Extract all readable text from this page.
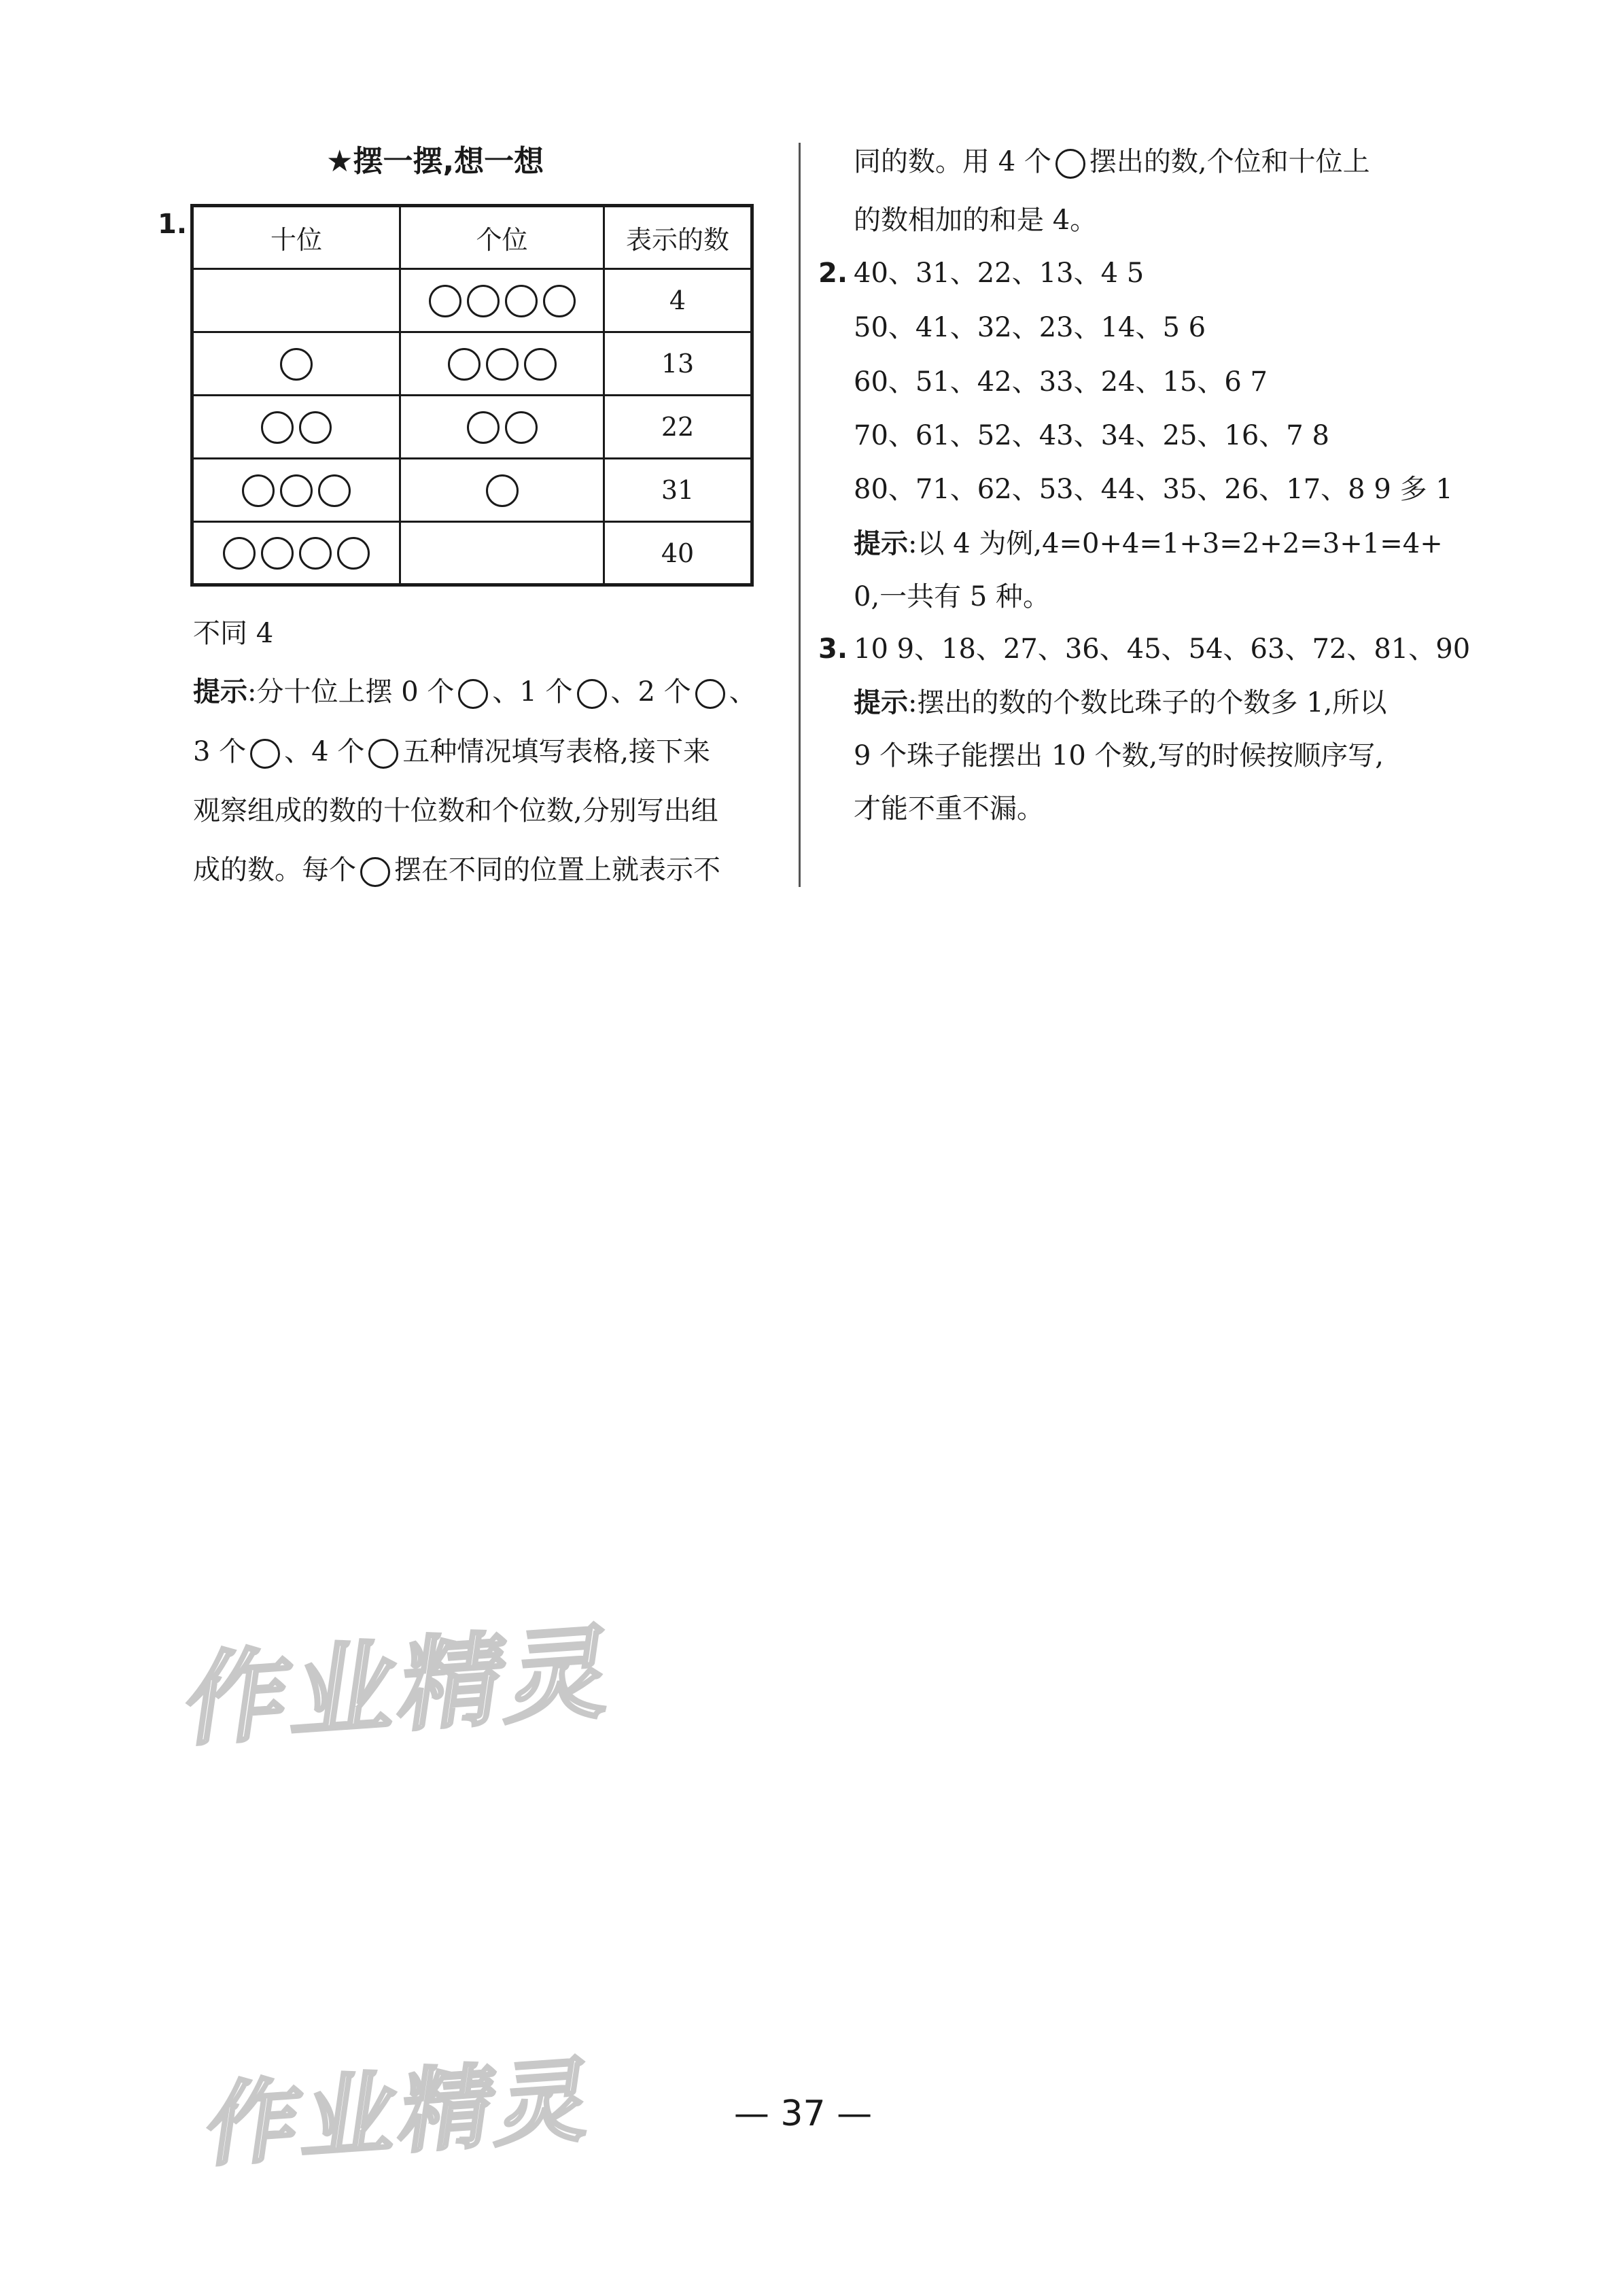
★摆一摆,想一想
1.	十位	个位	表示的数
		4
		13
		22
		31
		40
不同 4
提示:分十位上摆 0 个 、1 个 、2 个 、
3 个 、4 个 五种情况填写表格,接下来
观察组成的数的十位数和个位数,分别写出组
成的数。每个 摆在不同的位置上就表示不
同的数。用 4 个 摆出的数,个位和十位上
的数相加的和是 4。
2. 40、31、22、13、4 5
50、41、32、23、14、5 6
60、51、42、33、24、15、6 7
70、61、52、43、34、25、16、7 8
80、71、62、53、44、35、26、17、8 9 多 1
提示:以 4 为例,4=0+4=1+3=2+2=3+1=4+
0,一共有 5 种。
3. 10 9、18、27、36、45、54、63、72、81、90
提示:摆出的数的个数比珠子的个数多 1,所以
9 个珠子能摆出 10 个数,写的时候按顺序写,
才能不重不漏。
作业精灵
作业精灵	— 37 —
